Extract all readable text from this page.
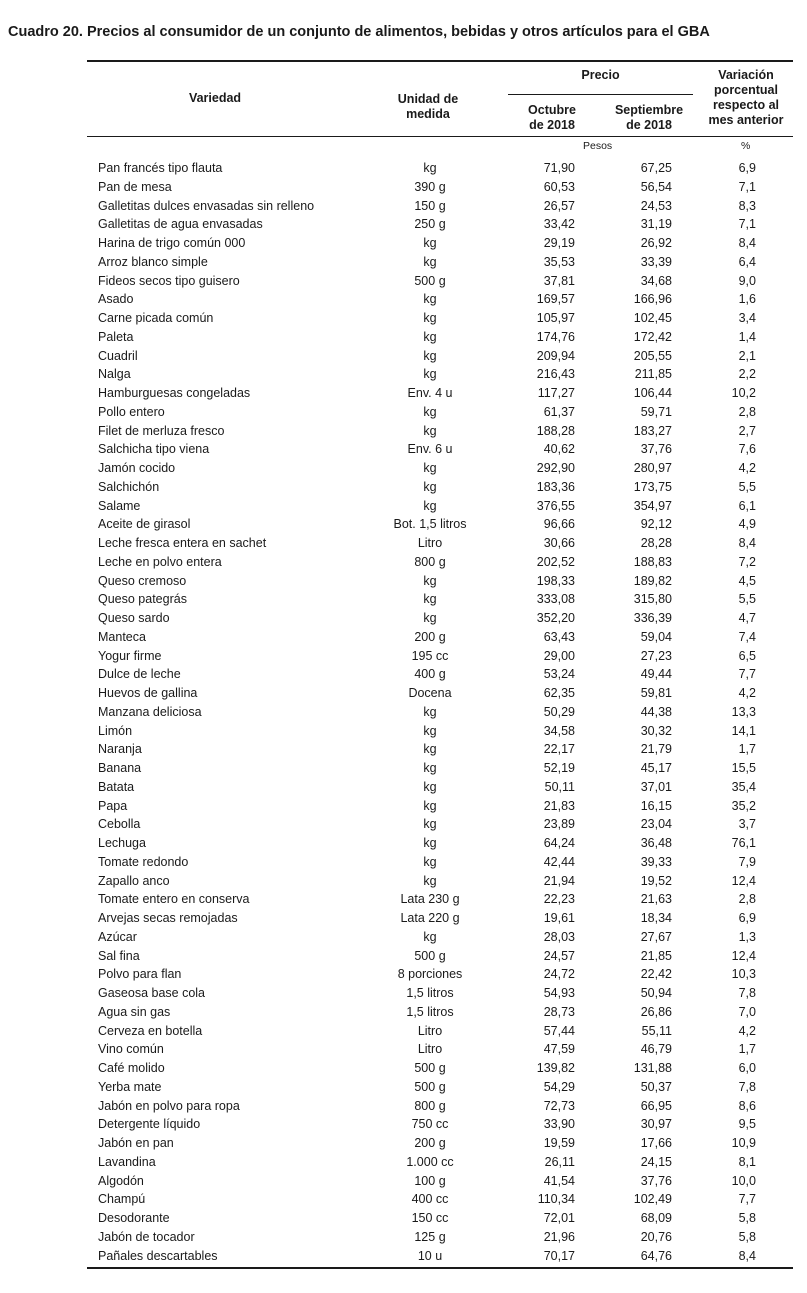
Cuadro 20. Precios al consumidor de un conjunto de alimentos, bebidas y otros artículos para el GBA
Variedad	Unidad de
medida
Precio
Octubre
de 2018
Septiembre
de 2018
Variación
porcentual
respecto al
mes anterior
Pesos	%
Pan francés tipo flauta	kg	71,90	67,25	6,9
Pan de mesa	390 g	60,53	56,54	7,1
Galletitas dulces envasadas sin relleno	150 g	26,57	24,53	8,3
Galletitas de agua envasadas	250 g	33,42	31,19	7,1
Harina de trigo común 000	kg	29,19	26,92	8,4
Arroz blanco simple	kg	35,53	33,39	6,4
Fideos secos tipo guisero	500 g	37,81	34,68	9,0
Asado	kg	169,57	166,96	1,6
Carne picada común	kg	105,97	102,45	3,4
Paleta	kg	174,76	172,42	1,4
Cuadril	kg	209,94	205,55	2,1
Nalga	kg	216,43	211,85	2,2
Hamburguesas congeladas	Env. 4 u	117,27	106,44	10,2
Pollo entero	kg	61,37	59,71	2,8
Filet de merluza fresco	kg	188,28	183,27	2,7
Salchicha tipo viena	Env. 6 u	40,62	37,76	7,6
Jamón cocido	kg	292,90	280,97	4,2
Salchichón	kg	183,36	173,75	5,5
Salame	kg	376,55	354,97	6,1
Aceite de girasol	Bot. 1,5 litros	96,66	92,12	4,9
Leche fresca entera en sachet	Litro	30,66	28,28	8,4
Leche en polvo entera	800 g	202,52	188,83	7,2
Queso cremoso	kg	198,33	189,82	4,5
Queso pategrás	kg	333,08	315,80	5,5
Queso sardo	kg	352,20	336,39	4,7
Manteca	200 g	63,43	59,04	7,4
Yogur firme	195 cc	29,00	27,23	6,5
Dulce de leche	400 g	53,24	49,44	7,7
Huevos de gallina	Docena	62,35	59,81	4,2
Manzana deliciosa	kg	50,29	44,38	13,3
Limón	kg	34,58	30,32	14,1
Naranja	kg	22,17	21,79	1,7
Banana	kg	52,19	45,17	15,5
Batata	kg	50,11	37,01	35,4
Papa	kg	21,83	16,15	35,2
Cebolla	kg	23,89	23,04	3,7
Lechuga	kg	64,24	36,48	76,1
Tomate redondo	kg	42,44	39,33	7,9
Zapallo anco	kg	21,94	19,52	12,4
Tomate entero en conserva	Lata 230 g	22,23	21,63	2,8
Arvejas secas remojadas	Lata 220 g	19,61	18,34	6,9
Azúcar	kg	28,03	27,67	1,3
Sal fina	500 g	24,57	21,85	12,4
Polvo para flan	8 porciones	24,72	22,42	10,3
Gaseosa base cola	1,5 litros	54,93	50,94	7,8
Agua sin gas	1,5 litros	28,73	26,86	7,0
Cerveza en botella	Litro	57,44	55,11	4,2
Vino común	Litro	47,59	46,79	1,7
Café molido	500 g	139,82	131,88	6,0
Yerba mate	500 g	54,29	50,37	7,8
Jabón en polvo para ropa	800 g	72,73	66,95	8,6
Detergente líquido	750 cc	33,90	30,97	9,5
Jabón en pan	200 g	19,59	17,66	10,9
Lavandina	1.000 cc	26,11	24,15	8,1
Algodón	100 g	41,54	37,76	10,0
Champú	400 cc	110,34	102,49	7,7
Desodorante	150 cc	72,01	68,09	5,8
Jabón de tocador	125 g	21,96	20,76	5,8
Pañales descartables	10 u	70,17	64,76	8,4
